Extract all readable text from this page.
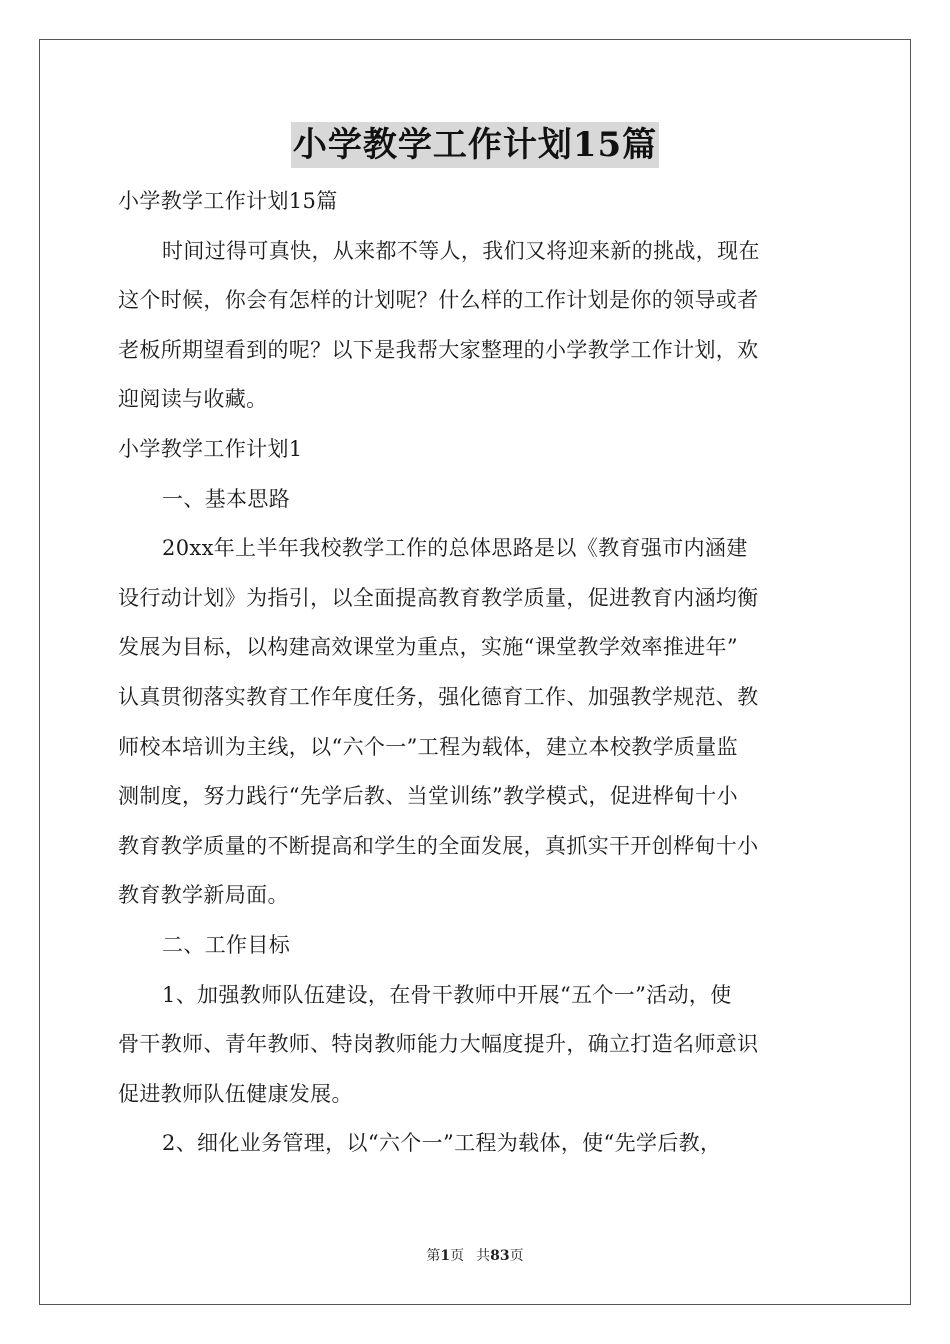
小学教学工作计划15篇

小学教学工作计划15篇

时间过得可真快，从来都不等人，我们又将迎来新的挑战，现在

这个时候，你会有怎样的计划呢？什么样的工作计划是你的领导或者

老板所期望看到的呢？以下是我帮大家整理的小学教学工作计划，欢

迎阅读与收藏。

小学教学工作计划1

一、基本思路

20xx年上半年我校教学工作的总体思路是以《教育强市内涵建

设行动计划》为指引，以全面提高教育教学质量，促进教育内涵均衡

发展为目标，以构建高效课堂为重点，实施“课堂教学效率推进年”

认真贯彻落实教育工作年度任务，强化德育工作、加强教学规范、教

师校本培训为主线，以“六个一”工程为载体，建立本校教学质量监

测制度，努力践行“先学后教、当堂训练”教学模式，促进桦甸十小

教育教学质量的不断提高和学生的全面发展，真抓实干开创桦甸十小

教育教学新局面。

二、工作目标

1、加强教师队伍建设，在骨干教师中开展“五个一”活动，使

骨干教师、青年教师、特岗教师能力大幅度提升，确立打造名师意识

促进教师队伍健康发展。

2、细化业务管理，以“六个一”工程为载体，使“先学后教，

第1页 共83页
